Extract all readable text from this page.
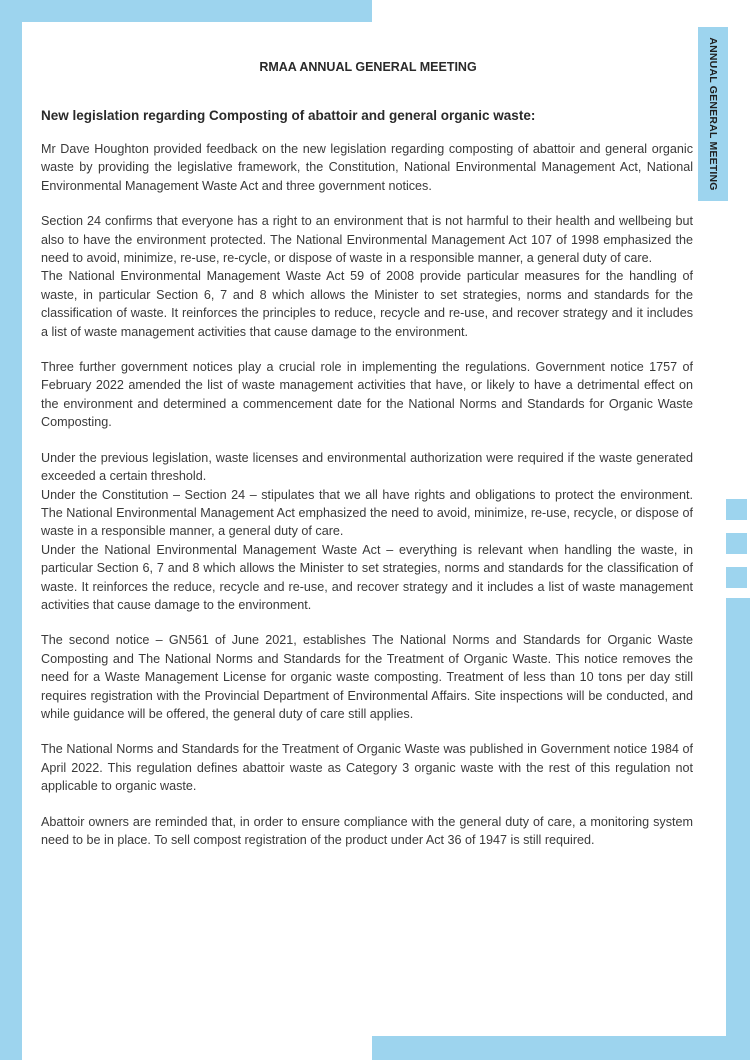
ANNUAL GENERAL MEETING
RMAA ANNUAL GENERAL MEETING
New legislation regarding Composting of abattoir and general organic waste:

Mr Dave Houghton provided feedback on the new legislation regarding composting of abattoir and general organic waste by providing the legislative framework, the Constitution, National Environmental Management Act, National Environmental Management Waste Act and three government notices.

Section 24 confirms that everyone has a right to an environment that is not harmful to their health and wellbeing but also to have the environment protected. The National Environmental Management Act 107 of 1998 emphasized the need to avoid, minimize, re-use, re-cycle, or dispose of waste in a responsible manner, a general duty of care.

The National Environmental Management Waste Act 59 of 2008 provide particular measures for the handling of waste, in particular Section 6, 7 and 8 which allows the Minister to set strategies, norms and standards for the classification of waste. It reinforces the principles to reduce, recycle and re-use, and recover strategy and it includes a list of waste management activities that cause damage to the environment.

Three further government notices play a crucial role in implementing the regulations. Government notice 1757 of February 2022 amended the list of waste management activities that have, or likely to have a detrimental effect on the environment and determined a commencement date for the National Norms and Standards for Organic Waste Composting.

Under the previous legislation, waste licenses and environmental authorization were required if the waste generated exceeded a certain threshold.

Under the Constitution – Section 24 – stipulates that we all have rights and obligations to protect the environment. The National Environmental Management Act emphasized the need to avoid, minimize, re-use, recycle, or dispose of waste in a responsible manner, a general duty of care.

Under the National Environmental Management Waste Act – everything is relevant when handling the waste, in particular Section 6, 7 and 8 which allows the Minister to set strategies, norms and standards for the classification of waste. It reinforces the reduce, recycle and re-use, and recover strategy and it includes a list of waste management activities that cause damage to the environment.

The second notice – GN561 of June 2021, establishes The National Norms and Standards for Organic Waste Composting and The National Norms and Standards for the Treatment of Organic Waste. This notice removes the need for a Waste Management License for organic waste composting. Treatment of less than 10 tons per day still requires registration with the Provincial Department of Environmental Affairs. Site inspections will be conducted, and while guidance will be offered, the general duty of care still applies.

The National Norms and Standards for the Treatment of Organic Waste was published in Government notice 1984 of April 2022. This regulation defines abattoir waste as Category 3 organic waste with the rest of this regulation not applicable to organic waste.

Abattoir owners are reminded that, in order to ensure compliance with the general duty of care, a monitoring system need to be in place. To sell compost registration of the product under Act 36 of 1947 is still required.
